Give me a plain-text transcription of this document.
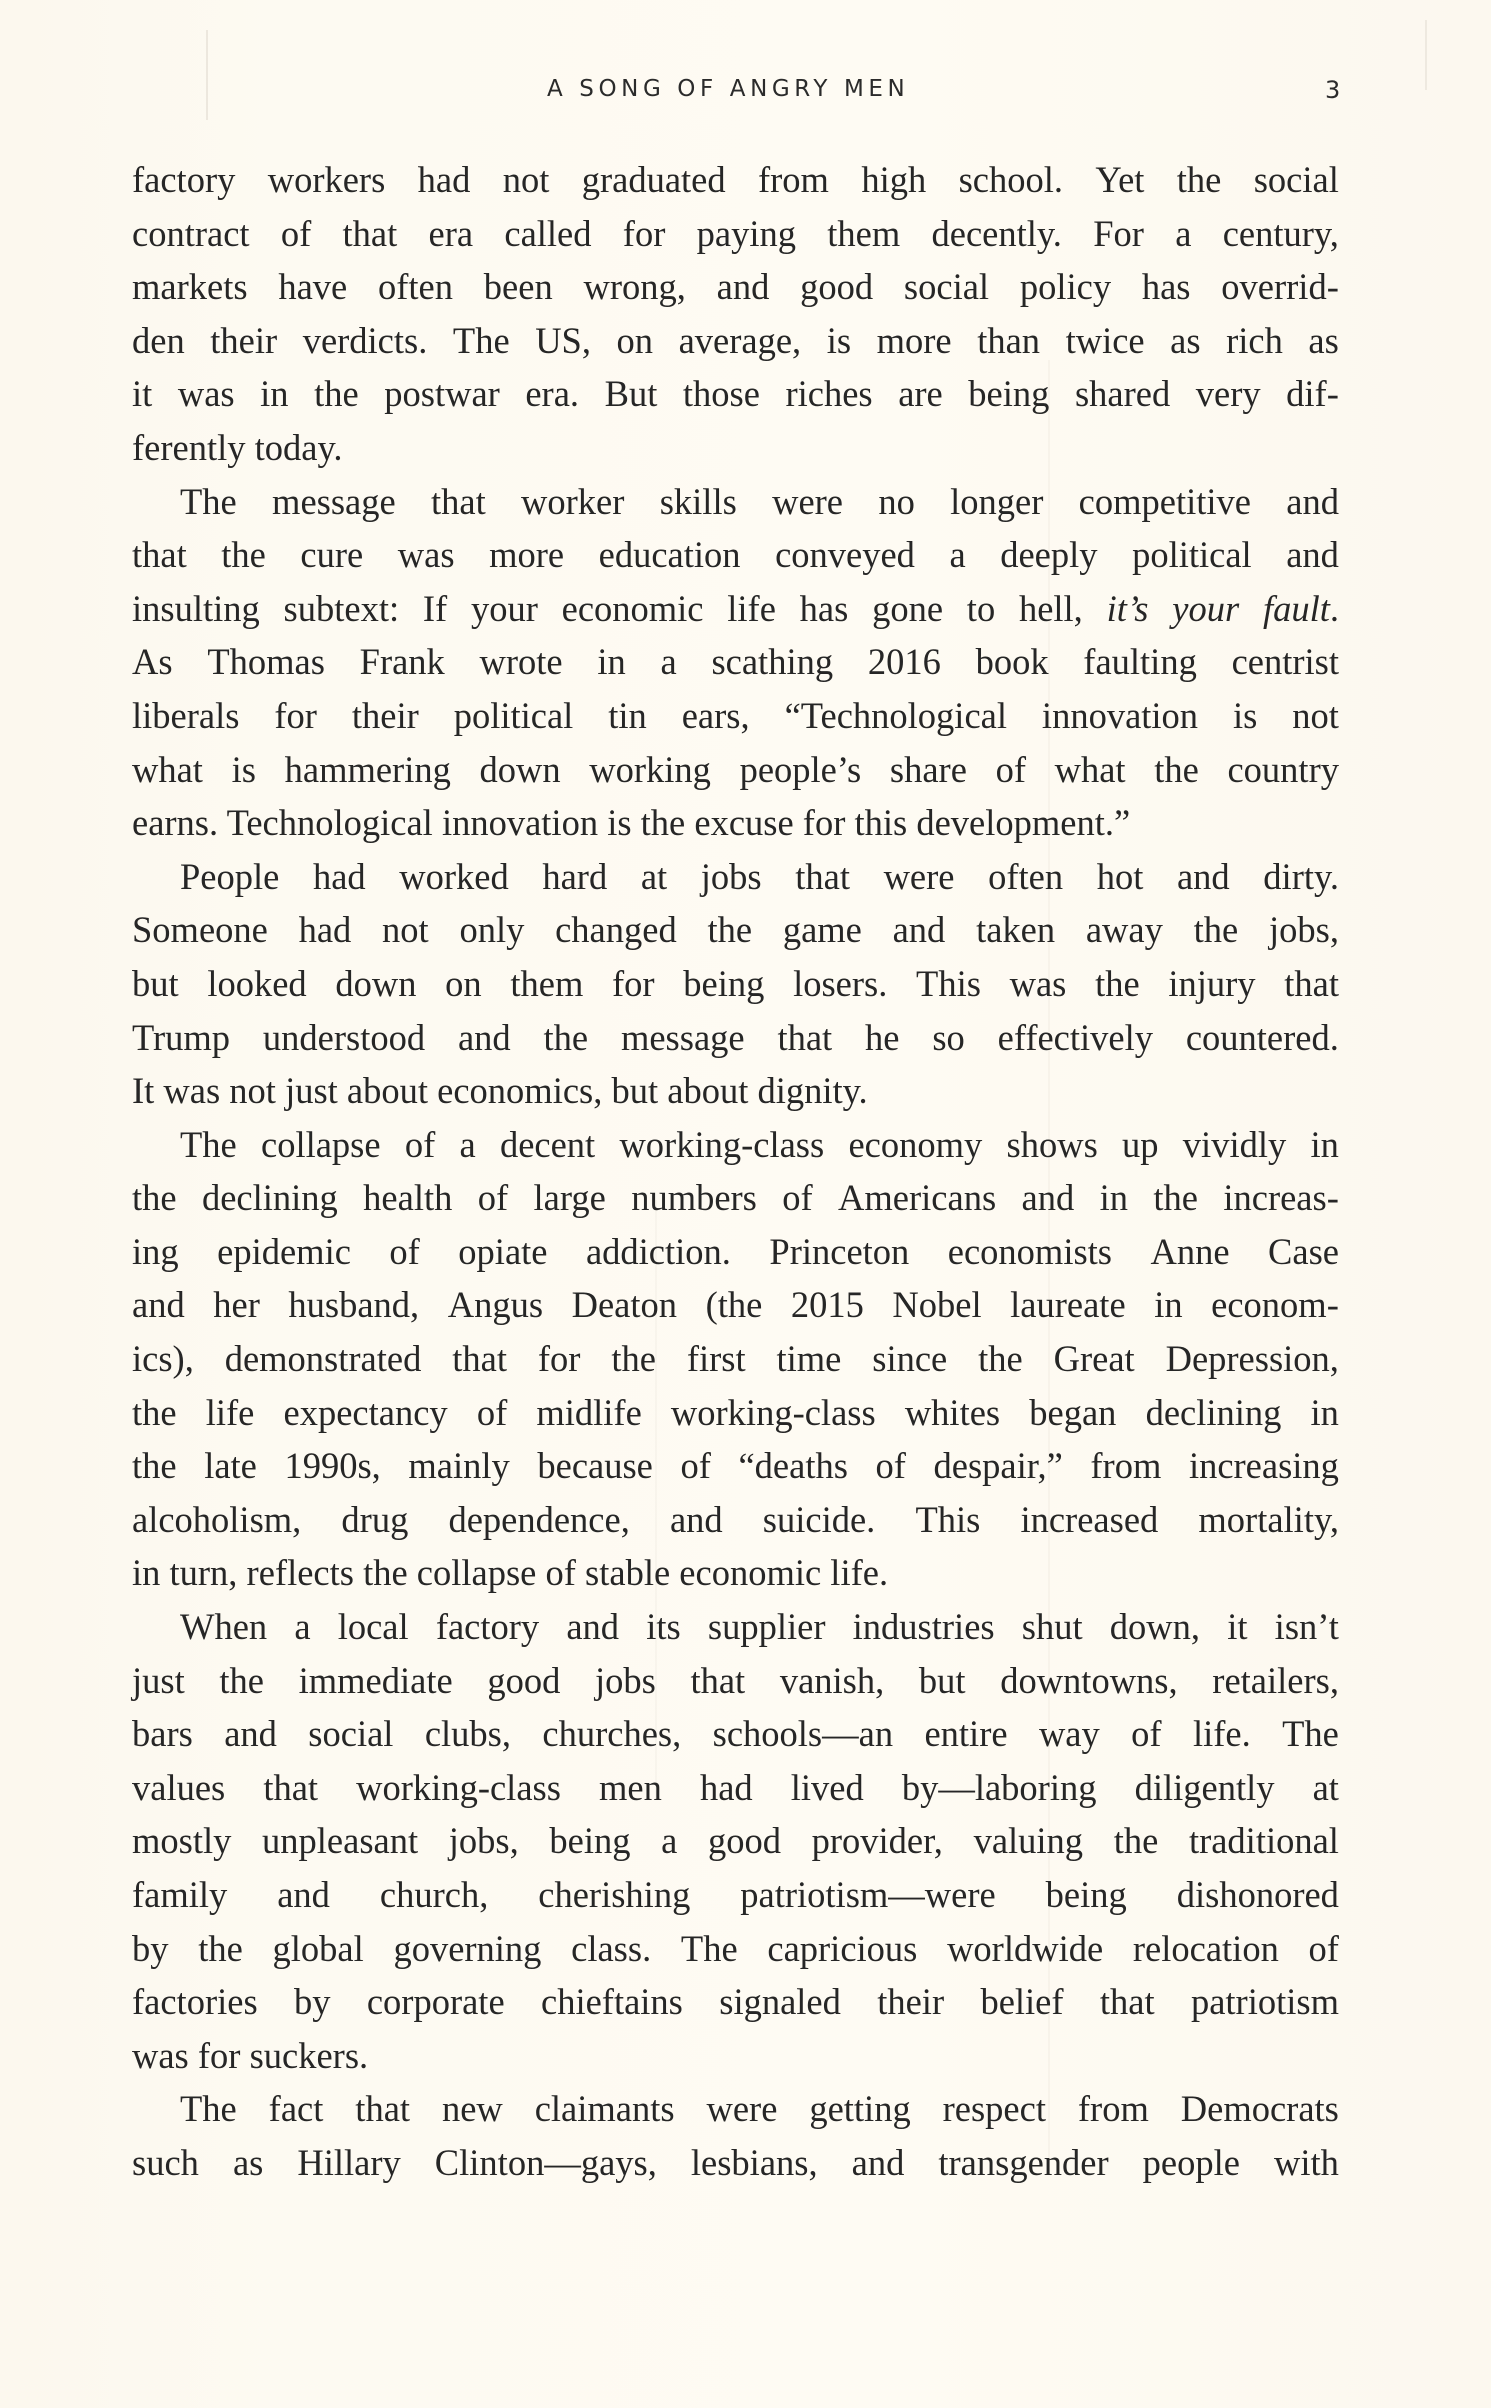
A SONG OF ANGRY MEN	3
factory workers had not graduated from high school. Yet the social
contract of that era called for paying them decently. For a century,
markets have often been wrong, and good social policy has overrid-
den their verdicts. The US, on average, is more than twice as rich as
it was in the postwar era. But those riches are being shared very dif-
ferently today.
The message that worker skills were no longer competitive and
that the cure was more education conveyed a deeply political and
insulting subtext: If your economic life has gone to hell, it’s your fault.
As Thomas Frank wrote in a scathing 2016 book faulting centrist
liberals for their political tin ears, “Technological innovation is not
what is hammering down working people’s share of what the country
earns. Technological innovation is the excuse for this development.”
People had worked hard at jobs that were often hot and dirty.
Someone had not only changed the game and taken away the jobs,
but looked down on them for being losers. This was the injury that
Trump understood and the message that he so effectively countered.
It was not just about economics, but about dignity.
The collapse of a decent working-class economy shows up vividly in
the declining health of large numbers of Americans and in the increas-
ing epidemic of opiate addiction. Princeton economists Anne Case
and her husband, Angus Deaton (the 2015 Nobel laureate in econom-
ics), demonstrated that for the first time since the Great Depression,
the life expectancy of midlife working-class whites began declining in
the late 1990s, mainly because of “deaths of despair,” from increasing
alcoholism, drug dependence, and suicide. This increased mortality,
in turn, reflects the collapse of stable economic life.
When a local factory and its supplier industries shut down, it isn’t
just the immediate good jobs that vanish, but downtowns, retailers,
bars and social clubs, churches, schools—an entire way of life. The
values that working-class men had lived by—laboring diligently at
mostly unpleasant jobs, being a good provider, valuing the traditional
family and church, cherishing patriotism—were being dishonored
by the global governing class. The capricious worldwide relocation of
factories by corporate chieftains signaled their belief that patriotism
was for suckers.
The fact that new claimants were getting respect from Democrats
such as Hillary Clinton—gays, lesbians, and transgender people with
